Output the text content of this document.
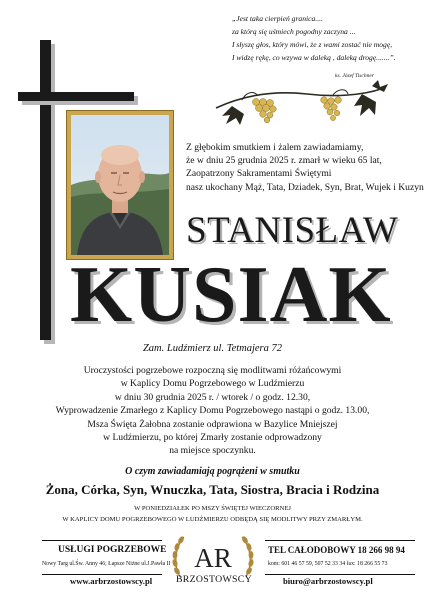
„Jest taka cierpień granica....
za którą się uśmiech pogodny zaczyna ...
I słyszę głos, który mówi, że z wami zostać nie mogę,
I widzę rękę, co wzywa w daleką , daleką drogę.......”.
ks. Józef Tischner
Z głębokim smutkiem i żalem zawiadamiamy,
że w dniu 25 grudnia 2025 r. zmarł w wieku 65 lat,
Zaopatrzony Sakramentami Świętymi
nasz ukochany Mąż, Tata, Dziadek, Syn, Brat, Wujek i Kuzyn
STANISŁAW
KUSIAK
Zam. Ludźmierz ul. Tetmajera 72
Uroczystości pogrzebowe rozpoczną się modlitwami różańcowymi
w Kaplicy Domu Pogrzebowego w Ludźmierzu
w dniu 30 grudnia 2025 r. / wtorek / o godz. 12.30,
Wyprowadzenie Zmarłego z Kaplicy Domu Pogrzebowego nastąpi o godz. 13.00,
Msza Święta Żałobna zostanie odprawiona w Bazylice Mniejszej
w Ludźmierzu, po której Zmarły zostanie odprowadzony
na miejsce spoczynku.
O czym zawiadamiają pogrążeni w smutku
Żona, Córka, Syn, Wnuczka, Tata, Siostra, Bracia i Rodzina
W PONIEDZIAŁEK PO MSZY ŚWIĘTEJ WIECZORNEJ
W KAPLICY DOMU POGRZEBOWEGO W LUDŹMIERZU ODBĘDĄ SIĘ MODLITWY PRZY ZMARŁYM.
USŁUGI POGRZEBOWE
Nowy Targ ul.Św. Anny 46; Łapsze Niżne ul.J.Pawła II
www.arbrzostowscy.pl
AR
BRZOSTOWSCY
TEL CAŁODOBOWY 18 266 98 94
kom: 601 46 57 59, 507 52 33 34 fax: 18 266 55 73
biuro@arbrzostowscy.pl
